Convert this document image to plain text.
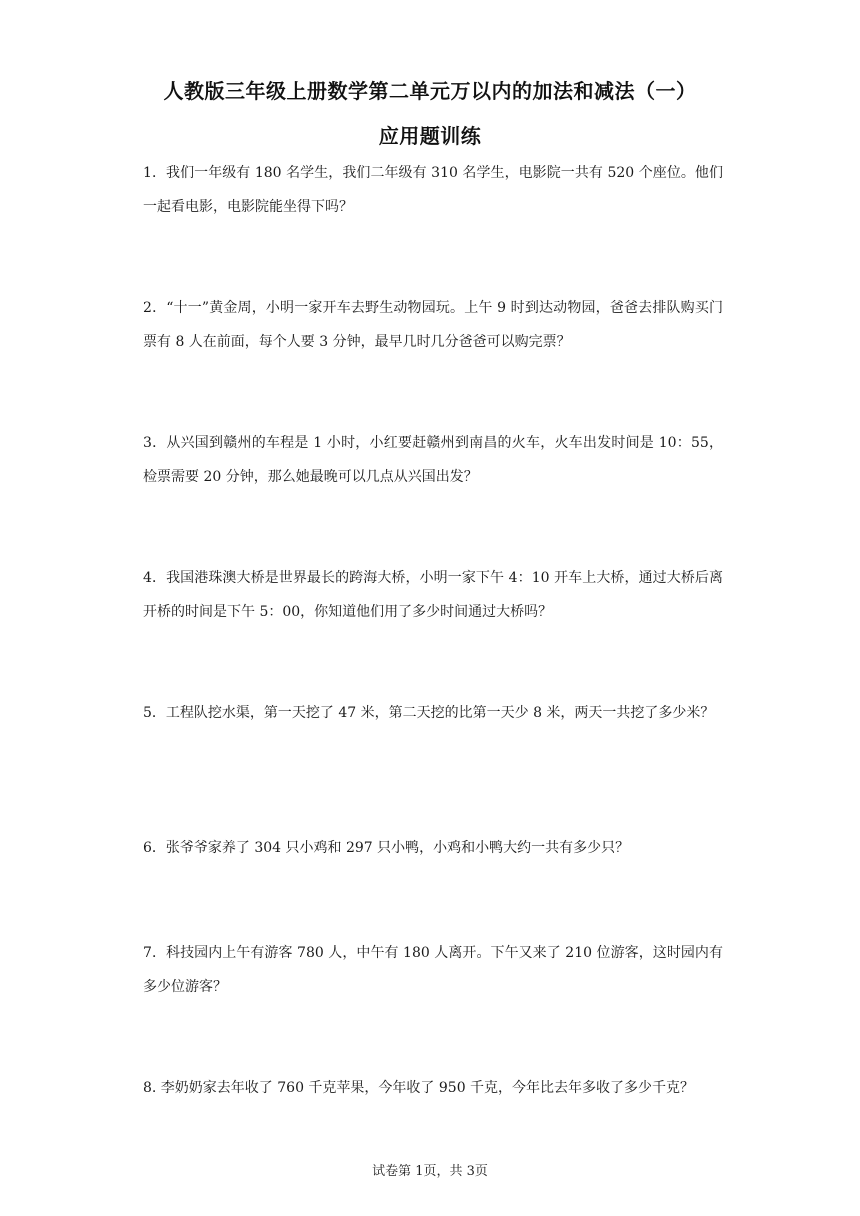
人教版三年级上册数学第二单元万以内的加法和减法（一）
应用题训练
1．我们一年级有 180 名学生，我们二年级有 310 名学生，电影院一共有 520 个座位。他们一起看电影，电影院能坐得下吗？
2．“十一”黄金周，小明一家开车去野生动物园玩。上午 9 时到达动物园，爸爸去排队购买门票有 8 人在前面，每个人要 3 分钟，最早几时几分爸爸可以购完票？
3．从兴国到赣州的车程是 1 小时，小红要赶赣州到南昌的火车，火车出发时间是 10：55，检票需要 20 分钟，那么她最晚可以几点从兴国出发？
4．我国港珠澳大桥是世界最长的跨海大桥，小明一家下午 4：10 开车上大桥，通过大桥后离开桥的时间是下午 5：00，你知道他们用了多少时间通过大桥吗？
5．工程队挖水渠，第一天挖了 47 米，第二天挖的比第一天少 8 米，两天一共挖了多少米？
6．张爷爷家养了 304 只小鸡和 297 只小鸭，小鸡和小鸭大约一共有多少只？
7．科技园内上午有游客 780 人，中午有 180 人离开。下午又来了 210 位游客，这时园内有多少位游客？
8. 李奶奶家去年收了 760 千克苹果，今年收了 950 千克，今年比去年多收了多少千克？
试卷第 1页，共 3页
